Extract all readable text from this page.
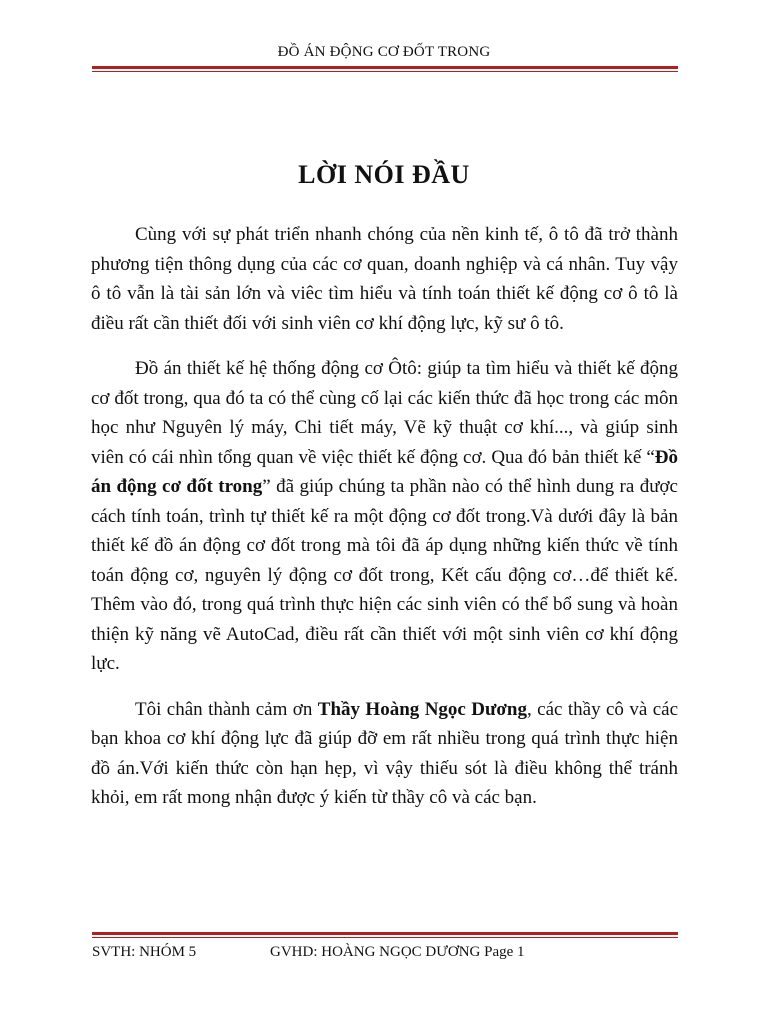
ĐỒ ÁN ĐỘNG CƠ ĐỐT TRONG
LỜI NÓI ĐẦU

Cùng với sự phát triển nhanh chóng của nền kinh tế, ô tô đã trở thành phương tiện thông dụng của các cơ quan, doanh nghiệp và cá nhân. Tuy vậy ô tô vẫn là tài sản lớn và viêc tìm hiểu và tính toán thiết kế động cơ ô tô là điều rất cần thiết đối với sinh viên cơ khí động lực, kỹ sư ô tô.

Đồ án thiết kế hệ thống động cơ Ôtô: giúp ta tìm hiểu và thiết kế động cơ đốt trong, qua đó ta có thể cùng cố lại các kiến thức đã học trong các môn học như Nguyên lý máy, Chi tiết máy, Vẽ kỹ thuật cơ khí..., và giúp sinh viên có cái nhìn tổng quan về việc thiết kế động cơ. Qua đó bản thiết kế “Đồ án động cơ đốt trong” đã giúp chúng ta phần nào có thể hình dung ra được cách tính toán, trình tự thiết kế ra một động cơ đốt trong.Và dưới đây là bản thiết kế đồ án động cơ đốt trong mà tôi đã áp dụng những kiến thức về tính toán động cơ, nguyên lý động cơ đốt trong, Kết cấu động cơ…để thiết kế. Thêm vào đó, trong quá trình thực hiện các sinh viên có thể bổ sung và hoàn thiện kỹ năng vẽ AutoCad, điều rất cần thiết với một sinh viên cơ khí động lực.

Tôi chân thành cảm ơn Thầy Hoàng Ngọc Dương, các thầy cô và các bạn khoa cơ khí động lực đã giúp đỡ em rất nhiều trong quá trình thực hiện đồ án.Với kiến thức còn hạn hẹp, vì vậy thiếu sót là điều không thể tránh khỏi, em rất mong nhận được ý kiến từ thầy cô và các bạn.

SVTH: NHÓM 5	GVHD: HOÀNG NGỌC DƯƠNG Page 1
